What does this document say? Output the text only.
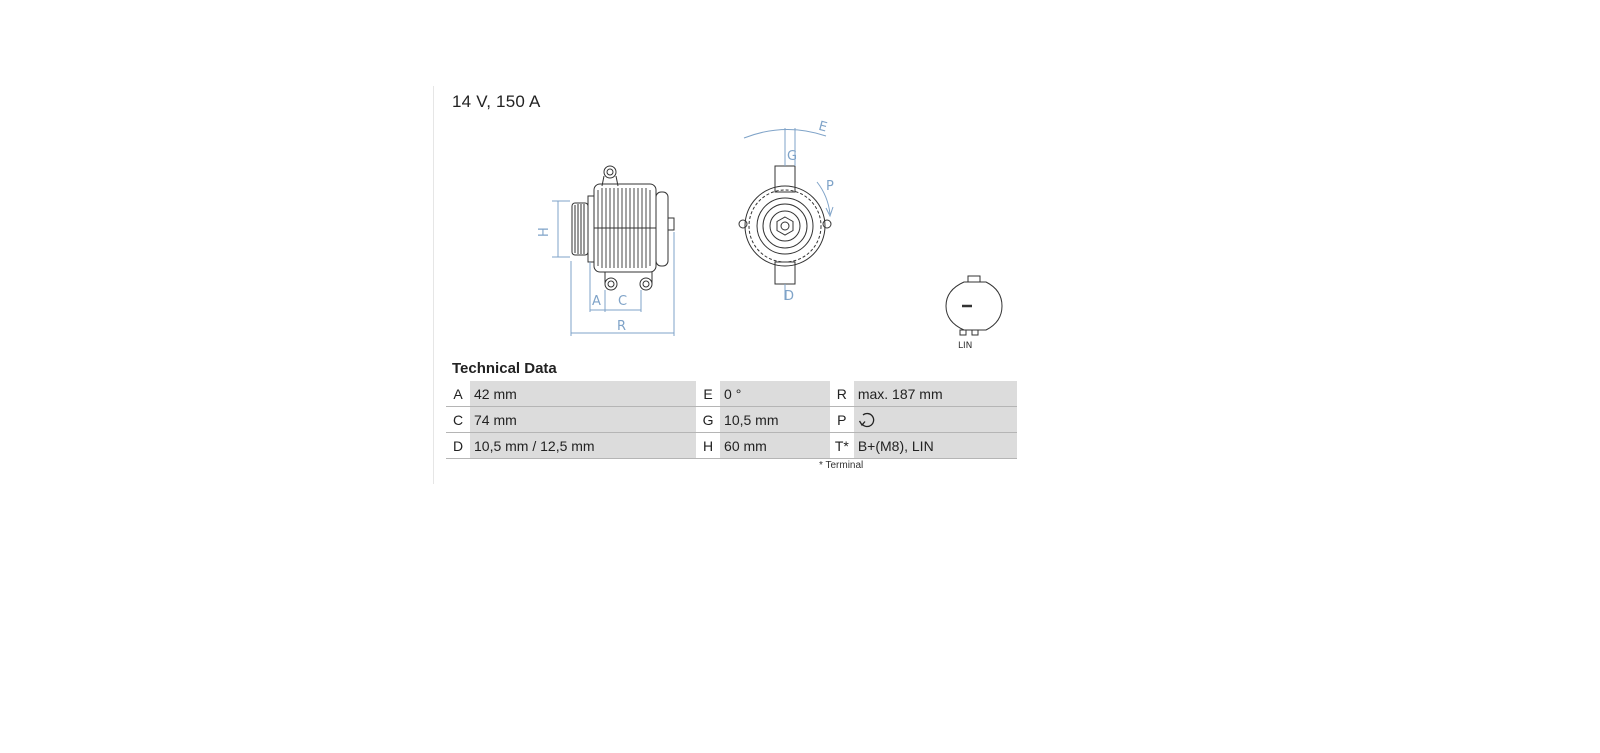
14 V, 150 A
H
A C
R
E
G
P
D
LIN
Technical Data
A	42 mm	E	0 °	R	max. 187 mm
C	74 mm	G	10,5 mm	P	
D	10,5 mm / 12,5 mm	H	60 mm	T*	B+(M8), LIN
* Terminal
